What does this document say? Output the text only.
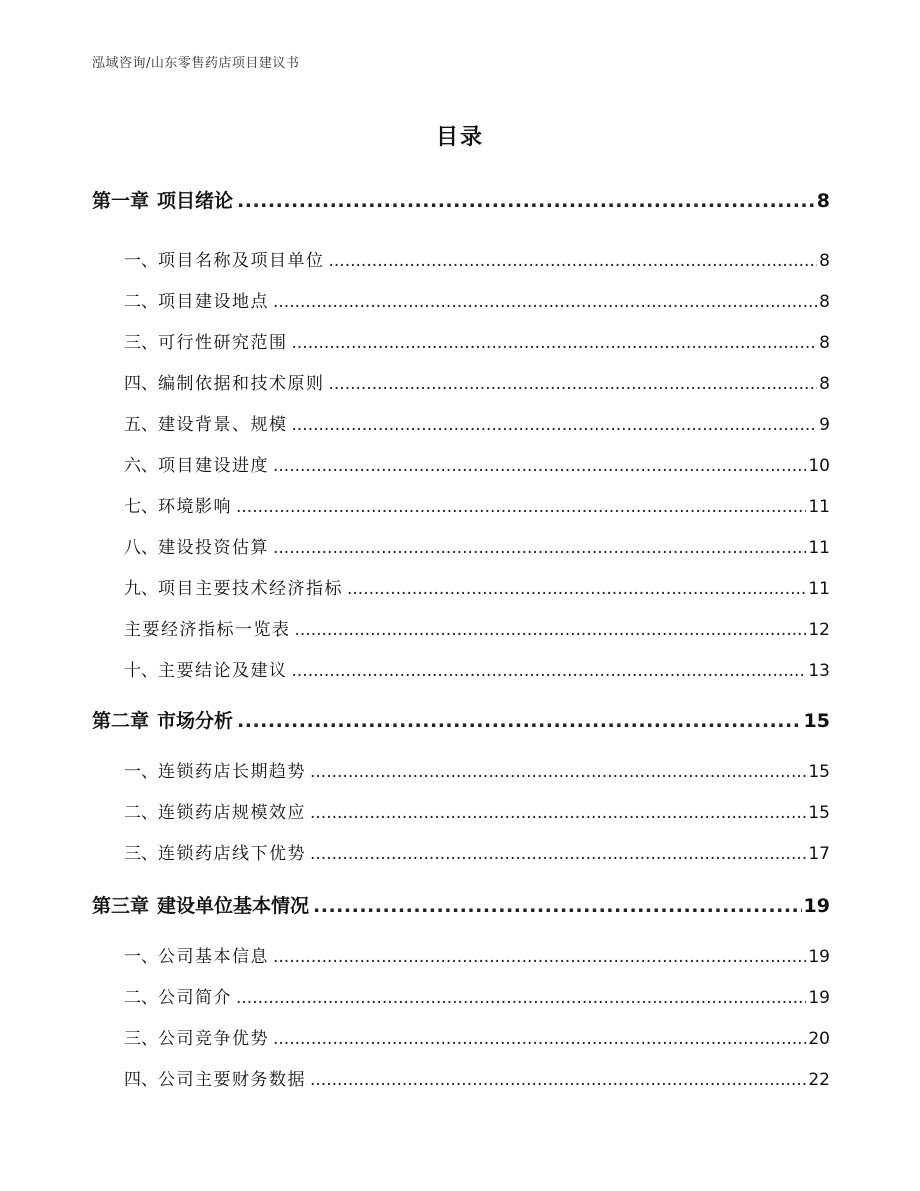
泓域咨询/山东零售药店项目建议书
目录
第一章 项目绪论 .....	8
一、 项目名称及项目单位 .....	8
二、 项目建设地点 .....	8
三、 可行性研究范围 .....	8
四、 编制依据和技术原则 .....	8
五、 建设背景、规模 .....	9
六、 项目建设进度 .....	10
七、 环境影响 .....	11
八、 建设投资估算 .....	11
九、 项目主要技术经济指标 .....	11
主要经济指标一览表 .....	12
十、 主要结论及建议 .....	13
第二章 市场分析 .....	15
一、 连锁药店长期趋势 .....	15
二、 连锁药店规模效应 .....	15
三、 连锁药店线下优势 .....	17
第三章 建设单位基本情况 .....	19
一、 公司基本信息 .....	19
二、 公司简介 .....	19
三、 公司竞争优势 .....	20
四、 公司主要财务数据 .....	22
